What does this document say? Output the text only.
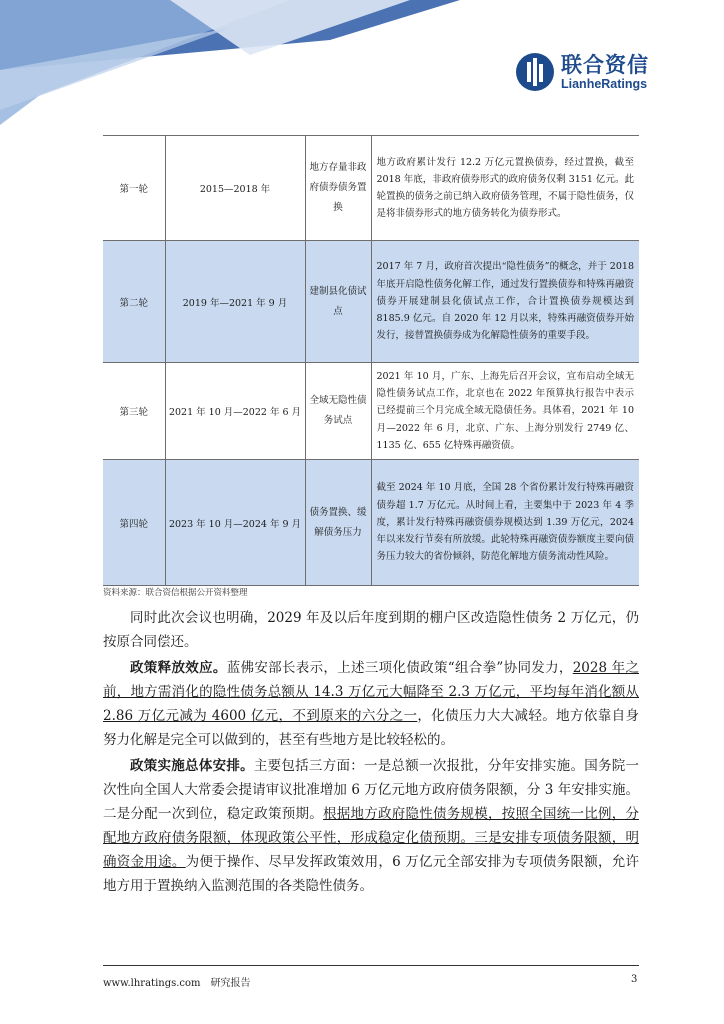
联合资信
LianheRatings
第一轮	2015—2018 年	地方存量非政府债券债务置换	地方政府累计发行 12.2 万亿元置换债券，经过置换，截至 2018 年底，非政府债券形式的政府债务仅剩 3151 亿元。此轮置换的债务之前已纳入政府债务管理，不属于隐性债务，仅是将非债券形式的地方债务转化为债券形式。
第二轮	2019 年—2021 年 9 月	建制县化债试点	2017 年 7 月，政府首次提出“隐性债务”的概念，并于 2018 年底开启隐性债务化解工作，通过发行置换债券和特殊再融资债券开展建制县化债试点工作，合计置换债券规模达到 8185.9 亿元。自 2020 年 12 月以来，特殊再融资债券开始发行，接替置换债券成为化解隐性债务的重要手段。
第三轮	2021 年 10 月—2022 年 6 月	全域无隐性债务试点	2021 年 10 月，广东、上海先后召开会议，宣布启动全域无隐性债务试点工作，北京也在 2022 年预算执行报告中表示已经提前三个月完成全域无隐债任务。具体看，2021 年 10 月—2022 年 6 月，北京、广东、上海分别发行 2749 亿、1135 亿、655 亿特殊再融资债。
第四轮	2023 年 10 月—2024 年 9 月	债务置换、缓解债务压力	截至 2024 年 10 月底，全国 28 个省份累计发行特殊再融资债券超 1.7 万亿元。从时间上看，主要集中于 2023 年 4 季度，累计发行特殊再融资债券规模达到 1.39 万亿元，2024 年以来发行节奏有所放缓。此轮特殊再融资债券额度主要向债务压力较大的省份倾斜，防范化解地方债务流动性风险。
资料来源：联合资信根据公开资料整理

同时此次会议也明确，2029 年及以后年度到期的棚户区改造隐性债务 2 万亿元，仍按原合同偿还。

政策释放效应。蓝佛安部长表示，上述三项化债政策“组合拳”协同发力，2028 年之前，地方需消化的隐性债务总额从 14.3 万亿元大幅降至 2.3 万亿元，平均每年消化额从 2.86 万亿元减为 4600 亿元，不到原来的六分之一，化债压力大大减轻。地方依靠自身努力化解是完全可以做到的，甚至有些地方是比较轻松的。

政策实施总体安排。主要包括三方面：一是总额一次报批，分年安排实施。国务院一次性向全国人大常委会提请审议批准增加 6 万亿元地方政府债务限额，分 3 年安排实施。二是分配一次到位，稳定政策预期。根据地方政府隐性债务规模，按照全国统一比例，分配地方政府债务限额，体现政策公平性，形成稳定化债预期。三是安排专项债务限额，明确资金用途。为便于操作、尽早发挥政策效用，6 万亿元全部安排为专项债务限额，允许地方用于置换纳入监测范围的各类隐性债务。

www.lhratings.com　研究报告	3
